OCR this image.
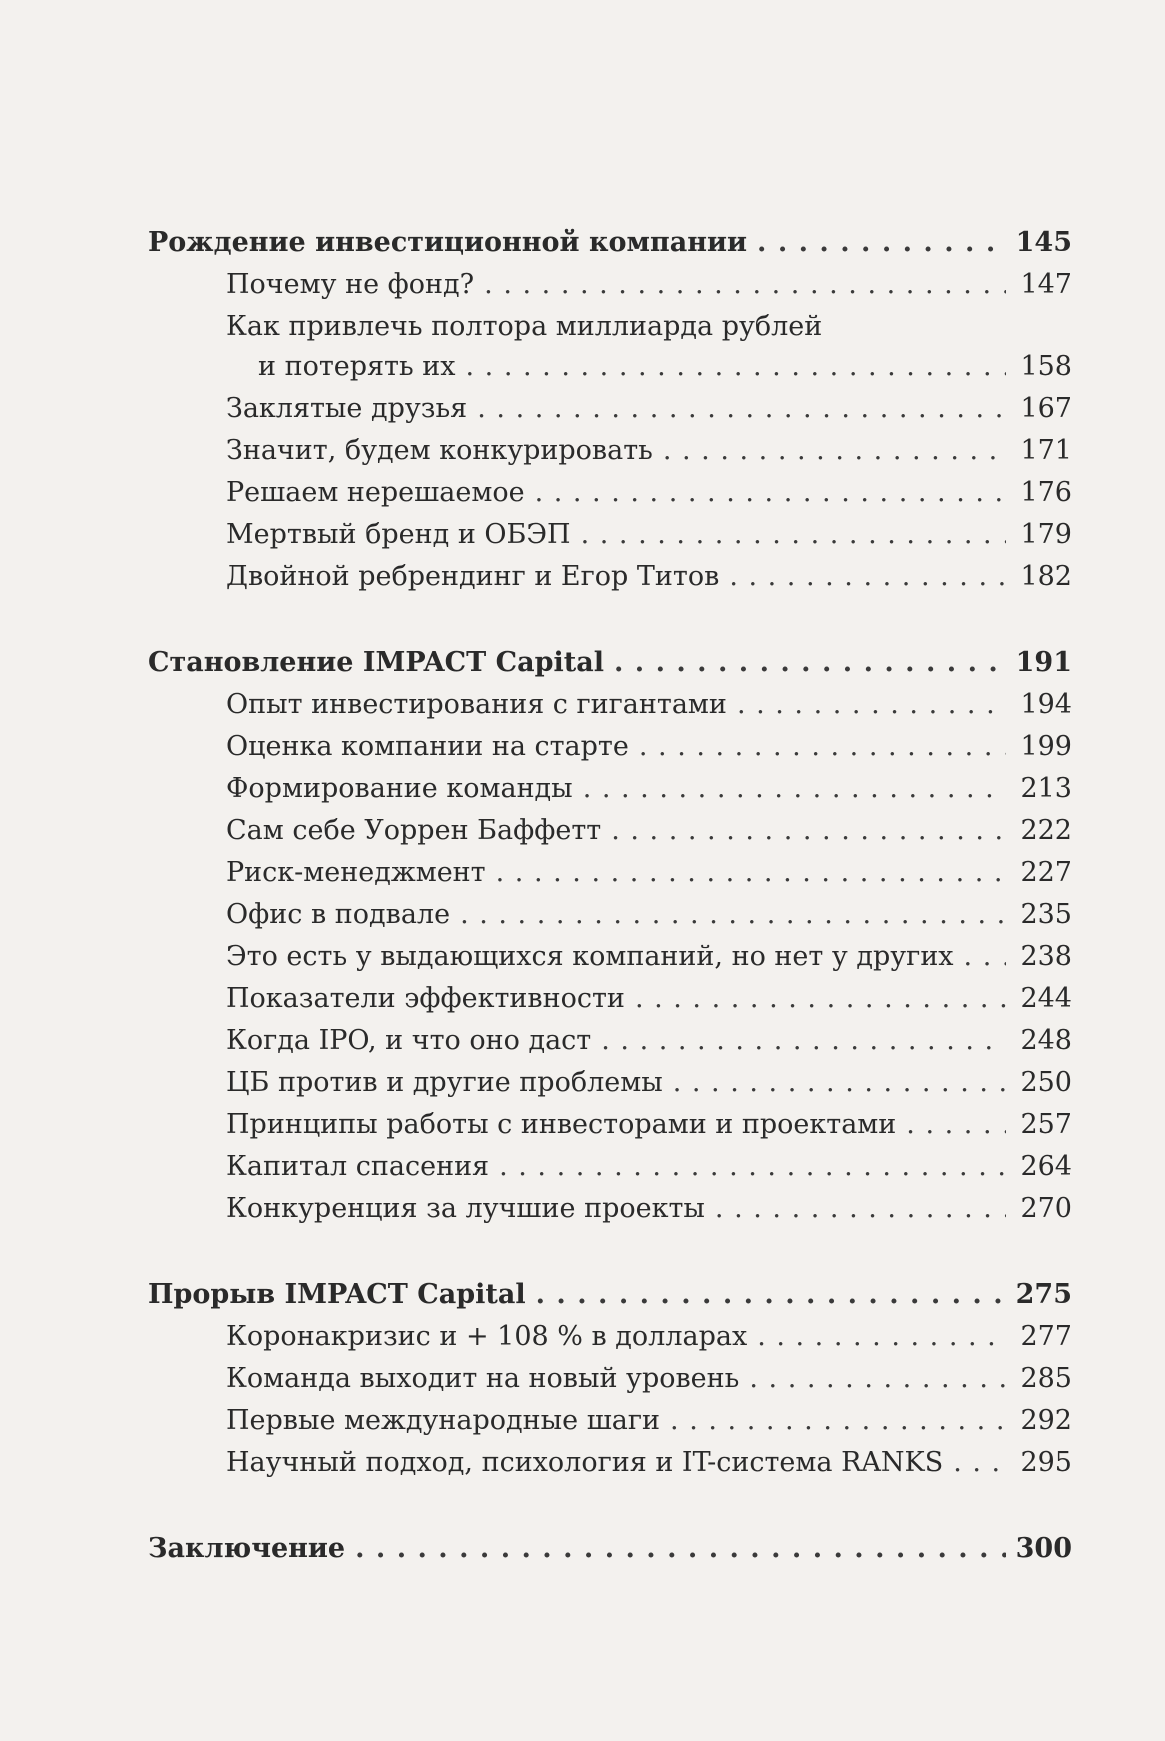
Рождение инвестиционной компании . . .	145
Почему не фонд? . . .	147
Как привлечь полтора миллиарда рублей
и потерять их . . .	158
Заклятые друзья . . .	167
Значит, будем конкурировать . . .	171
Решаем нерешаемое . . .	176
Мертвый бренд и ОБЭП . . .	179
Двойной ребрендинг и Егор Титов . . .	182
Становление IMPACT Capital . . .	191
Опыт инвестирования с гигантами . . .	194
Оценка компании на старте . . .	199
Формирование команды . . .	213
Сам себе Уоррен Баффетт . . .	222
Риск-менеджмент . . .	227
Офис в подвале . . .	235
Это есть у выдающихся компаний, но нет у других . . . 238
Показатели эффективности . . .	244
Когда IPO, и что оно даст . . .	248
ЦБ против и другие проблемы . . .	250
Принципы работы с инвесторами и проектами . . .	257
Капитал спасения . . .	264
Конкуренция за лучшие проекты . . .	270
Прорыв IMPACT Capital . . .	275
Коронакризис и + 108 % в долларах . . .	277
Команда выходит на новый уровень . . .	285
Первые международные шаги . . .	292
Научный подход, психология и IT-система RANKS . . .	295
Заключение . . .	300
